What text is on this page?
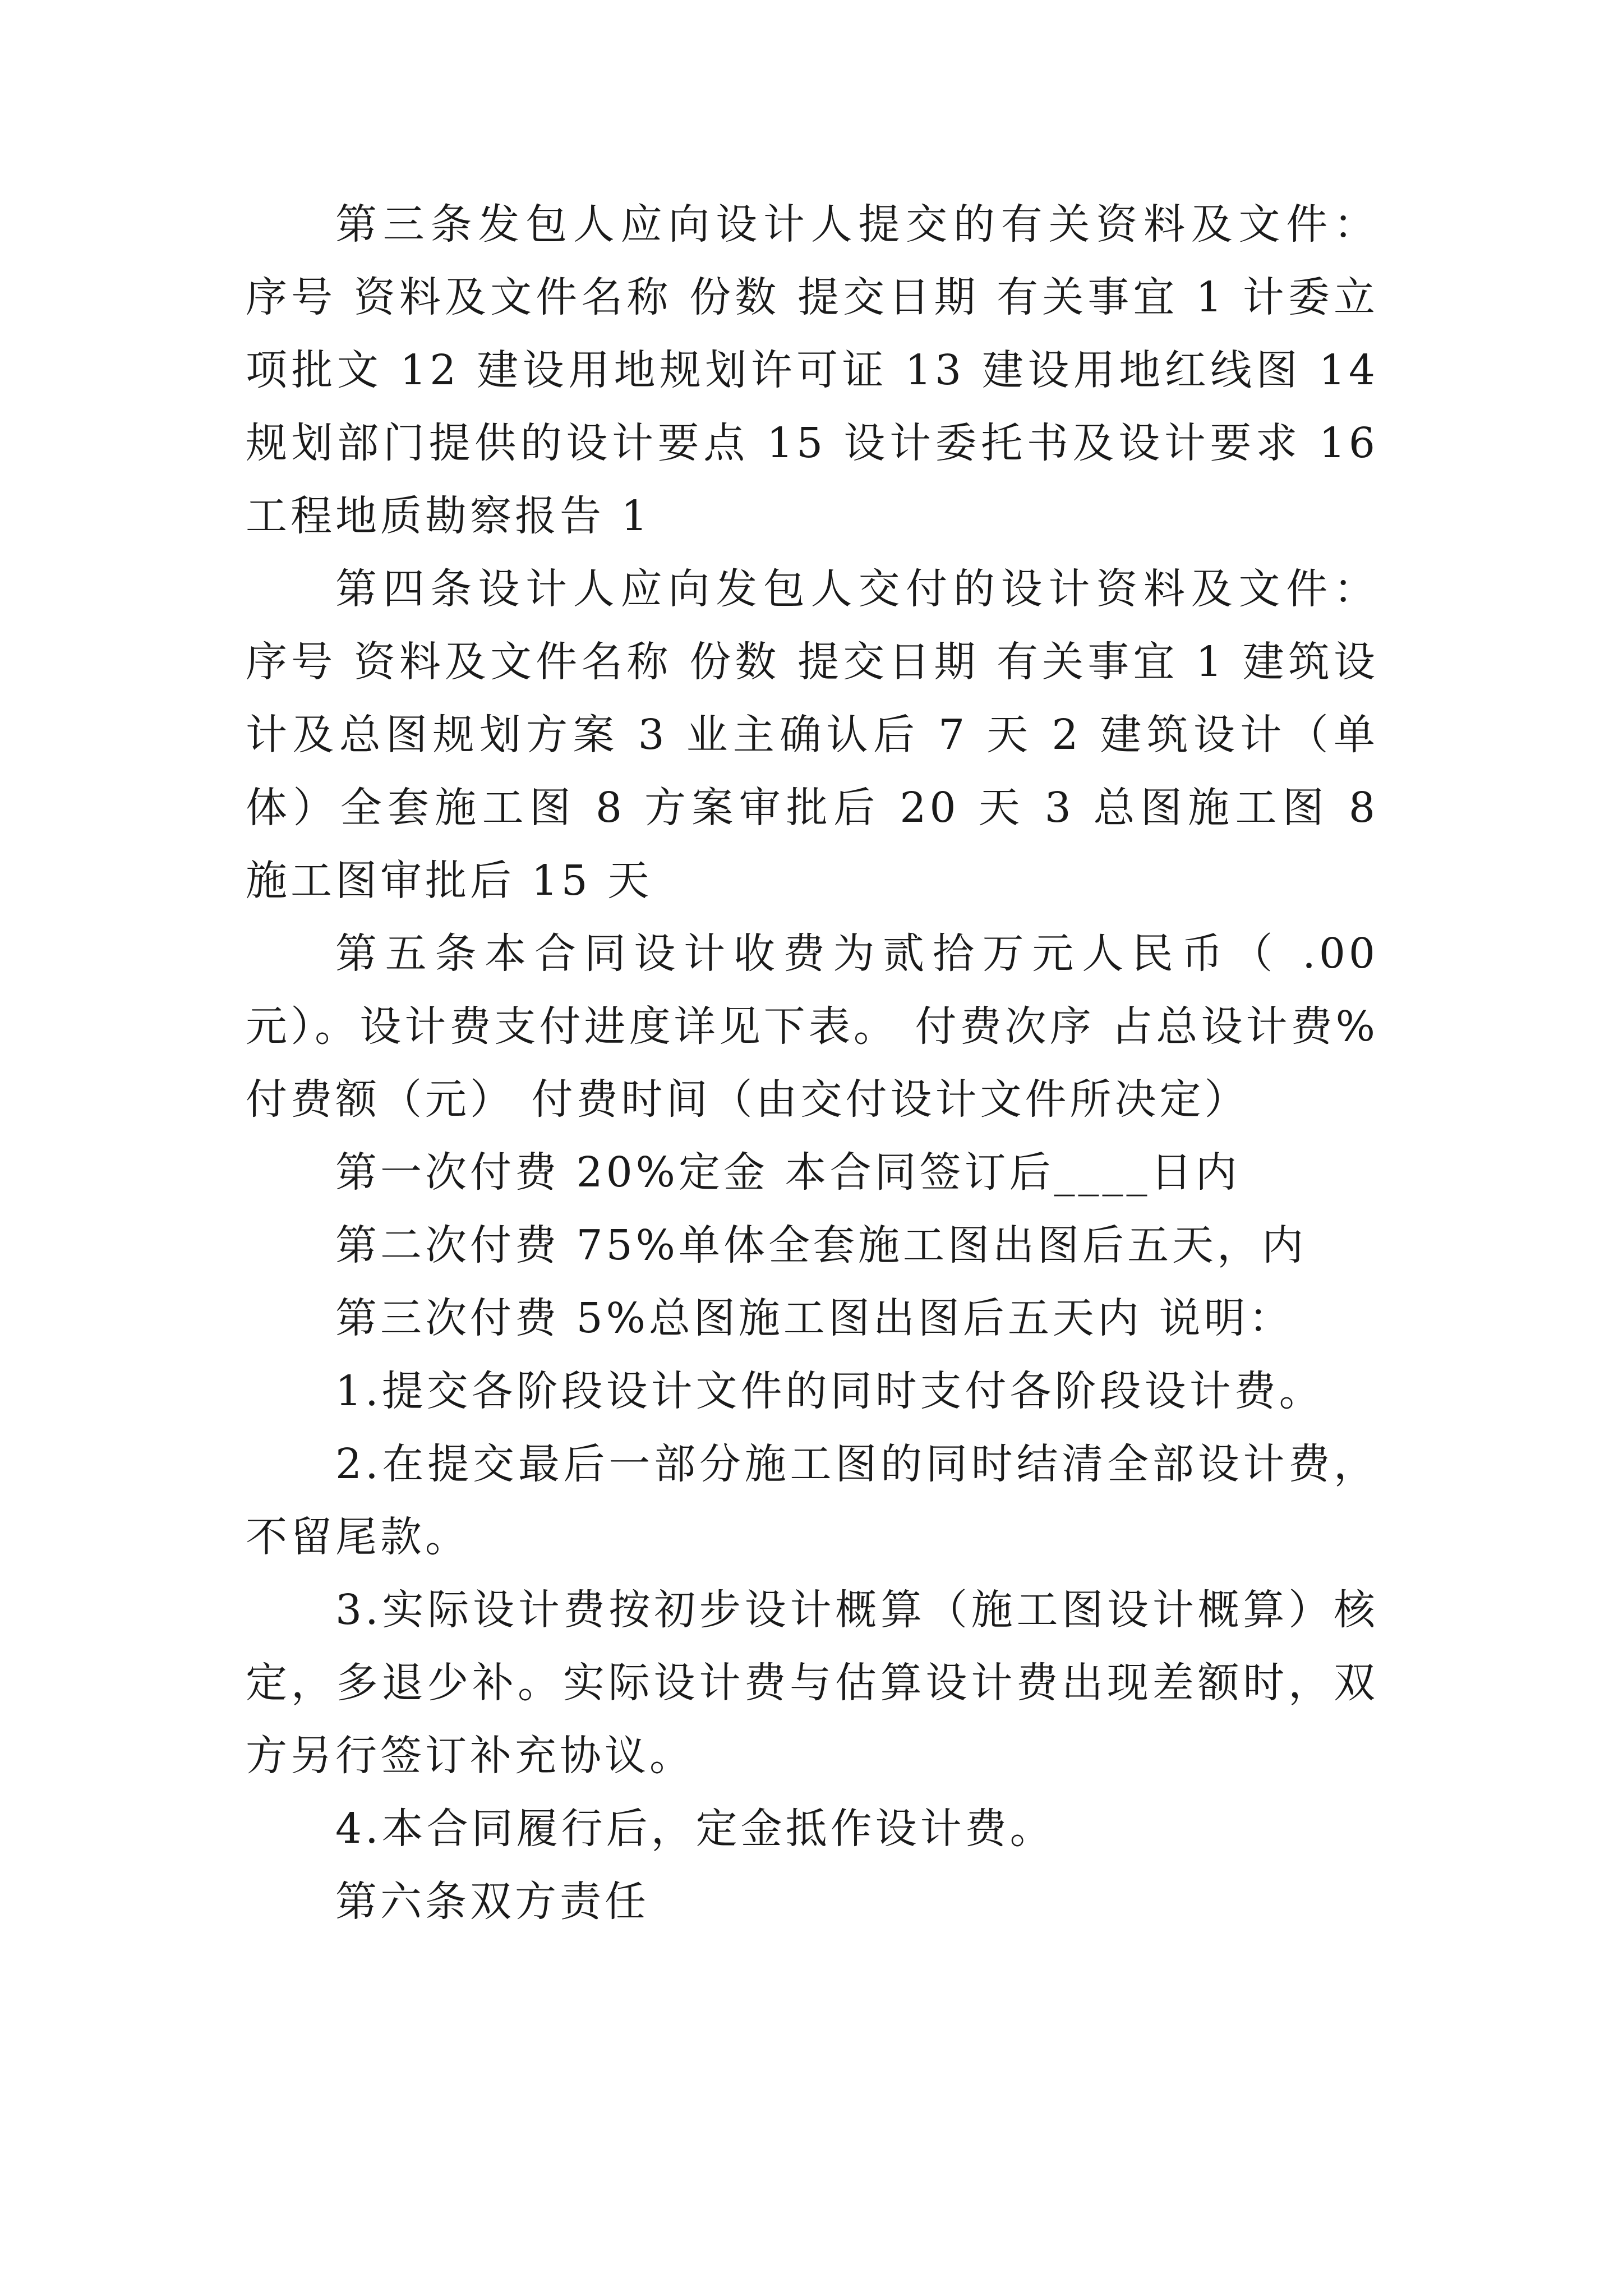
第三条发包人应向设计人提交的有关资料及文件： 序号 资料及文件名称 份数 提交日期 有关事宜 1 计委立项批文 12 建设用地规划许可证 13 建设用地红线图 14 规划部门提供的设计要点 15 设计委托书及设计要求 16 工程地质勘察报告 1

第四条设计人应向发包人交付的设计资料及文件： 序号 资料及文件名称 份数 提交日期 有关事宜 1 建筑设计及总图规划方案 3 业主确认后 7 天 2 建筑设计（单体）全套施工图 8 方案审批后 20 天 3 总图施工图 8 施工图审批后 15 天

第五条本合同设计收费为贰拾万元人民币（ .00 元）。设计费支付进度详见下表。 付费次序 占总设计费%付费额（元） 付费时间（由交付设计文件所决定）

第一次付费 20%定金 本合同签订后____日内

第二次付费 75%单体全套施工图出图后五天，内

第三次付费 5%总图施工图出图后五天内 说明：

1.提交各阶段设计文件的同时支付各阶段设计费。

2.在提交最后一部分施工图的同时结清全部设计费，不留尾款。

3.实际设计费按初步设计概算（施工图设计概算）核定，多退少补。实际设计费与估算设计费出现差额时，双方另行签订补充协议。

4.本合同履行后，定金抵作设计费。

第六条双方责任
